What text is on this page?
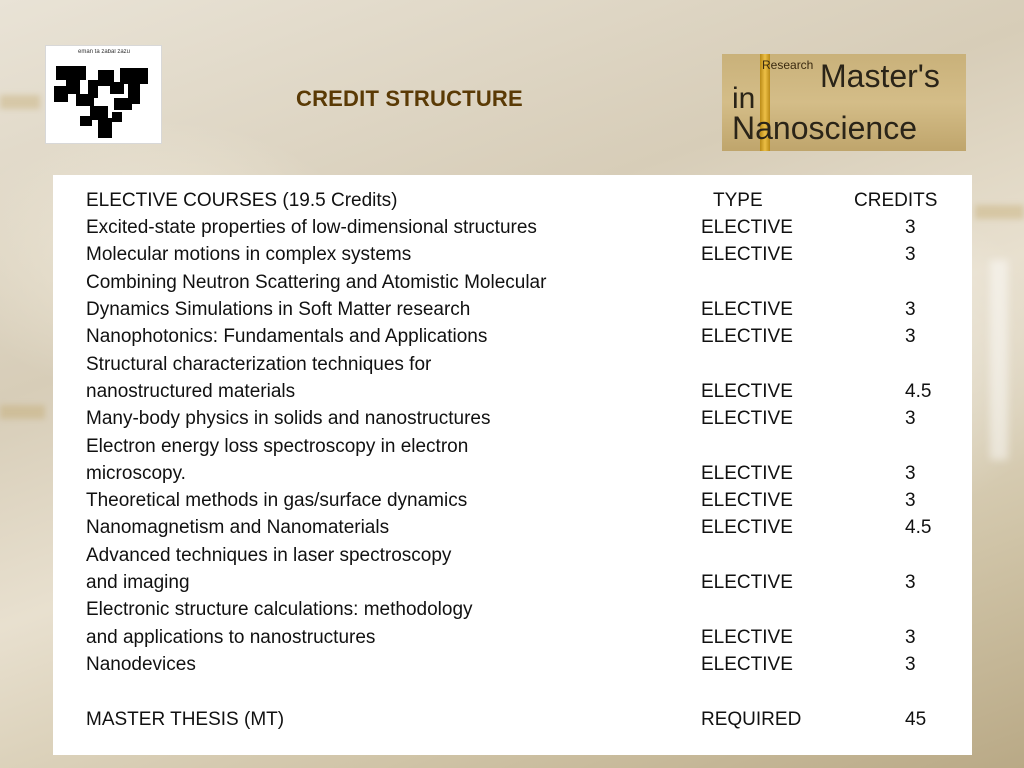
eman ta zabal zazu
CREDIT STRUCTURE
Research Master's
in
Nanoscience
ELECTIVE COURSES (19.5 Credits)	TYPE	CREDITS
Excited-state properties of low-dimensional structures	ELECTIVE	3
Molecular motions in complex systems	ELECTIVE	3
Combining Neutron Scattering and Atomistic Molecular
Dynamics Simulations in Soft Matter research	ELECTIVE	3
Nanophotonics: Fundamentals and Applications	ELECTIVE	3
Structural characterization techniques for
nanostructured materials	ELECTIVE	4.5
Many-body physics in solids and nanostructures	ELECTIVE	3
Electron energy loss spectroscopy in electron
microscopy.	ELECTIVE	3
Theoretical methods in gas/surface dynamics	ELECTIVE	3
Nanomagnetism and Nanomaterials	ELECTIVE	4.5
Advanced techniques in laser spectroscopy
and imaging	ELECTIVE	3
Electronic structure calculations: methodology
and applications to nanostructures	ELECTIVE	3
Nanodevices	ELECTIVE	3
MASTER THESIS (MT)	REQUIRED	45
